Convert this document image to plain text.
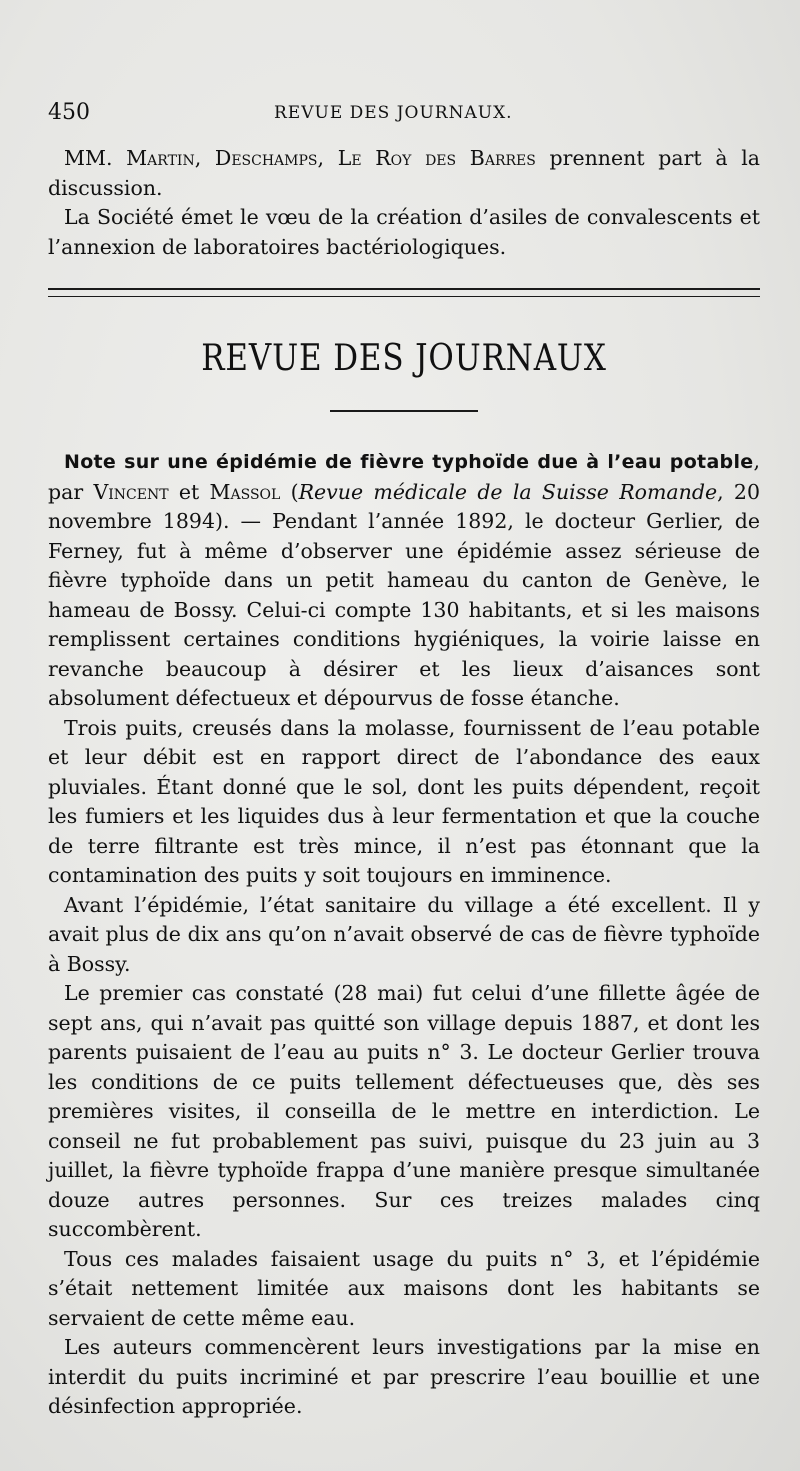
450	REVUE DES JOURNAUX.

MM. Martin, Deschamps, Le Roy des Barres prennent part à la discussion.

La Société émet le vœu de la création d’asiles de convalescents et l’annexion de laboratoires bactériologiques.

REVUE DES JOURNAUX

Note sur une épidémie de fièvre typhoïde due à l’eau potable, par Vincent et Massol (Revue médicale de la Suisse Romande, 20 novembre 1894). — Pendant l’année 1892, le docteur Gerlier, de Ferney, fut à même d’observer une épidémie assez sérieuse de fièvre typhoïde dans un petit hameau du canton de Genève, le hameau de Bossy. Celui-ci compte 130 habitants, et si les maisons remplissent certaines conditions hygiéniques, la voirie laisse en revanche beaucoup à désirer et les lieux d’aisances sont absolument défectueux et dépourvus de fosse étanche.

Trois puits, creusés dans la molasse, fournissent de l’eau potable et leur débit est en rapport direct de l’abondance des eaux pluviales. Étant donné que le sol, dont les puits dépendent, reçoit les fumiers et les liquides dus à leur fermentation et que la couche de terre filtrante est très mince, il n’est pas étonnant que la contamination des puits y soit toujours en imminence.

Avant l’épidémie, l’état sanitaire du village a été excellent. Il y avait plus de dix ans qu’on n’avait observé de cas de fièvre typhoïde à Bossy.

Le premier cas constaté (28 mai) fut celui d’une fillette âgée de sept ans, qui n’avait pas quitté son village depuis 1887, et dont les parents puisaient de l’eau au puits n° 3. Le docteur Gerlier trouva les conditions de ce puits tellement défectueuses que, dès ses premières visites, il conseilla de le mettre en interdiction. Le conseil ne fut probablement pas suivi, puisque du 23 juin au 3 juillet, la fièvre typhoïde frappa d’une manière presque simultanée douze autres personnes. Sur ces treizes malades cinq succombèrent.

Tous ces malades faisaient usage du puits n° 3, et l’épidémie s’était nettement limitée aux maisons dont les habitants se servaient de cette même eau.

Les auteurs commencèrent leurs investigations par la mise en interdit du puits incriminé et par prescrire l’eau bouillie et une désinfection appropriée.
